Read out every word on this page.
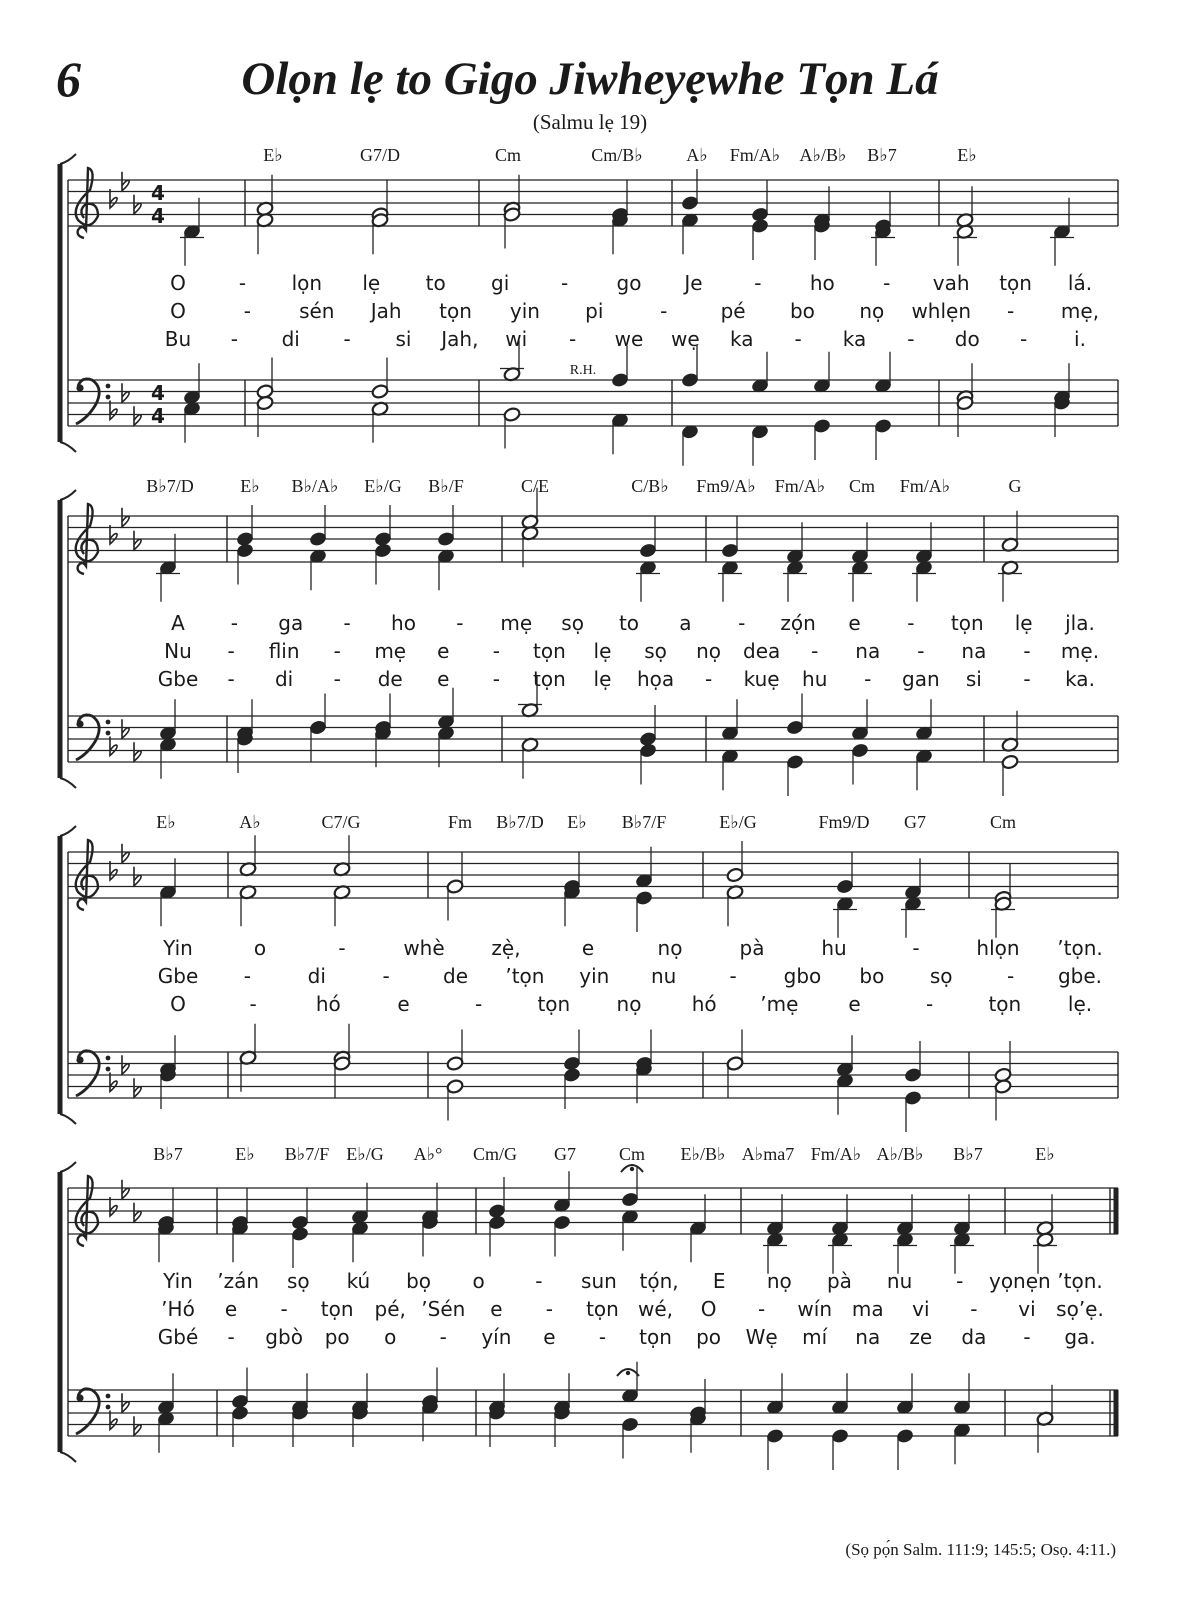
6	Olọn lẹ to Gigo Jiwheyẹwhe Tọn Lá
(Salmu lẹ 19)
4
4
4
4
E♭	G7/D	Cm	Cm/B♭ A♭ Fm/A♭ A♭/B♭ B♭7	E♭
O	- lọn lẹ to gi	- go Je	- ho - vah tọn lá.
O	- sén Jah tọn yin pi	-	pé bo nọ whlẹn - mẹ,
Bu - di - si Jah, wi - we wẹ ka - ka - do - i.
B♭7/D	E♭ B♭/A♭ E♭/G B♭/F	C/E	C/B♭ Fm9/A♭ Fm/A♭ Cm Fm/A♭	G
A - ga - ho - mẹ sọ to a - zọ́n e - tọn lẹ jla.
Nu - flin - mẹ e - tọn lẹ sọ nọ dea - na - na - mẹ.
Gbe - di - de e - tọn lẹ họa - kuẹ hu - gan si - ka.
E♭	A♭	C7/G	Fm B♭7/D E♭ B♭7/F	E♭/G	Fm9/D G7	Cm
Yin	o	-	whè zẹ̀,	e	nọ	pà	hu	-	hlọn ’tọn.
Gbe -	di	-	de ’tọn yin nu	- gbo bo sọ	- gbe.
O	-	hó	e	-	tọn nọ	hó ’mẹ e	-	tọn lẹ.
B♭7	E♭ B♭7/F E♭/G A♭° Cm/G G7 Cm E♭/B♭ A♭ma7 Fm/A♭ A♭/B♭ B♭7	E♭
Yin ’zán sọ kú bọ o	- sun tọ́n, E nọ pà nu - yọnẹn ’tọn.
’Hó e - tọn pé, ’Sén e - tọn wé, O - wín ma vi - vi sọ’ẹ.
Gbé - gbò po o - yín e - tọn po Wẹ mí na ze da - ga.
R.H.
(Sọ pọ́n Salm. 111:9; 145:5; Osọ. 4:11.)
